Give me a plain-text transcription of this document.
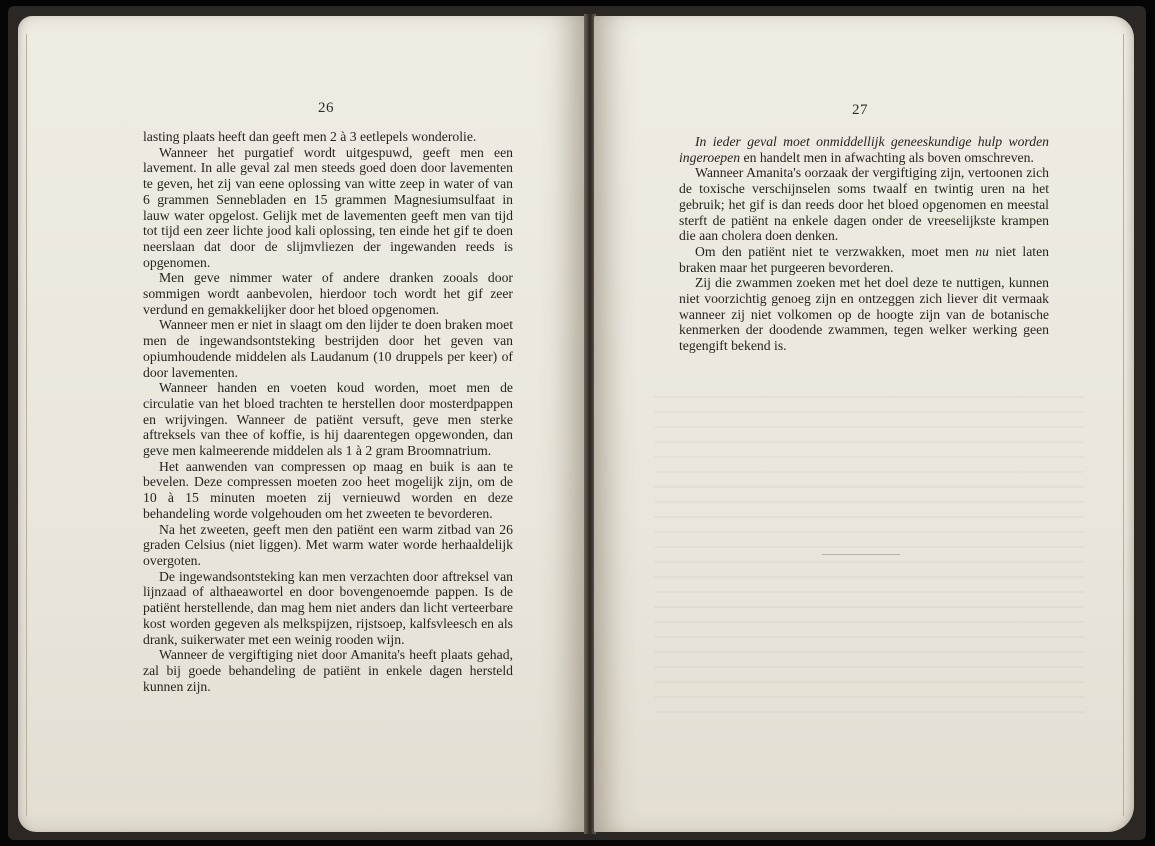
26

lasting plaats heeft dan geeft men 2 à 3 eetlepels wonderolie.

Wanneer het purgatief wordt uitgespuwd, geeft men een lavement. In alle geval zal men steeds goed doen door lavementen te geven, het zij van eene oplossing van witte zeep in water of van 6 grammen Sennebladen en 15 grammen Magnesiumsulfaat in lauw water opgelost. Gelijk met de lavementen geeft men van tijd tot tijd een zeer lichte jood kali oplossing, ten einde het gif te doen neerslaan dat door de slijmvliezen der ingewanden reeds is opgenomen.

Men geve nimmer water of andere dranken zooals door sommigen wordt aanbevolen, hierdoor toch wordt het gif zeer verdund en gemakkelijker door het bloed opgenomen.

Wanneer men er niet in slaagt om den lijder te doen braken moet men de ingewandsontsteking bestrijden door het geven van opiumhoudende middelen als Laudanum (10 druppels per keer) of door lavementen.

Wanneer handen en voeten koud worden, moet men de circulatie van het bloed trachten te herstellen door mosterdpappen en wrijvingen. Wanneer de patiënt versuft, geve men sterke aftreksels van thee of koffie, is hij daarentegen opgewonden, dan geve men kalmeerende middelen als 1 à 2 gram Broomnatrium.

Het aanwenden van compressen op maag en buik is aan te bevelen. Deze compressen moeten zoo heet mogelijk zijn, om de 10 à 15 minuten moeten zij vernieuwd worden en deze behandeling worde volgehouden om het zweeten te bevorderen.

Na het zweeten, geeft men den patiënt een warm zitbad van 26 graden Celsius (niet liggen). Met warm water worde herhaaldelijk overgoten.

De ingewandsontsteking kan men verzachten door aftreksel van lijnzaad of althaeawortel en door bovengenoemde pappen. Is de patiënt herstellende, dan mag hem niet anders dan licht verteerbare kost worden gegeven als melkspijzen, rijstsoep, kalfsvleesch en als drank, suikerwater met een weinig rooden wijn.

Wanneer de vergiftiging niet door Amanita's heeft plaats gehad, zal bij goede behandeling de patiënt in enkele dagen hersteld kunnen zijn.

27

In ieder geval moet onmiddellijk geneeskundige hulp worden ingeroepen en handelt men in afwachting als boven omschreven.

Wanneer Amanita's oorzaak der vergiftiging zijn, vertoonen zich de toxische verschijnselen soms twaalf en twintig uren na het gebruik; het gif is dan reeds door het bloed opgenomen en meestal sterft de patiënt na enkele dagen onder de vreeselijkste krampen die aan cholera doen denken.

Om den patiënt niet te verzwakken, moet men nu niet laten braken maar het purgeeren bevorderen.

Zij die zwammen zoeken met het doel deze te nuttigen, kunnen niet voorzichtig genoeg zijn en ontzeggen zich liever dit vermaak wanneer zij niet volkomen op de hoogte zijn van de botanische kenmerken der doodende zwammen, tegen welker werking geen tegengift bekend is.
